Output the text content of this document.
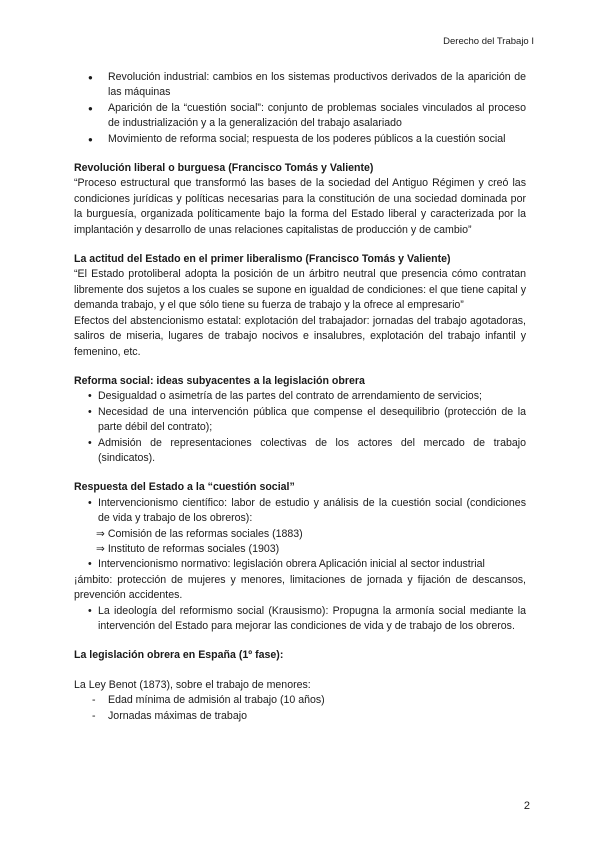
Derecho del Trabajo I
● Revolución industrial: cambios en los sistemas productivos derivados de la aparición de las máquinas
● Aparición de la “cuestión social”: conjunto de problemas sociales vinculados al proceso de industrialización y a la generalización del trabajo asalariado
● Movimiento de reforma social; respuesta de los poderes públicos a la cuestión social

Revolución liberal o burguesa (Francisco Tomás y Valiente)

“Proceso estructural que transformó las bases de la sociedad del Antiguo Régimen y creó las condiciones jurídicas y políticas necesarias para la constitución de una sociedad dominada por la burguesía, organizada políticamente bajo la forma del Estado liberal y caracterizada por la implantación y desarrollo de unas relaciones capitalistas de producción y de cambio”

La actitud del Estado en el primer liberalismo (Francisco Tomás y Valiente)

“El Estado protoliberal adopta la posición de un árbitro neutral que presencia cómo contratan libremente dos sujetos a los cuales se supone en igualdad de condiciones: el que tiene capital y demanda trabajo, y el que sólo tiene su fuerza de trabajo y la ofrece al empresario”

Efectos del abstencionismo estatal: explotación del trabajador: jornadas del trabajo agotadoras, saliros de miseria, lugares de trabajo nocivos e insalubres, explotación del trabajo infantil y femenino, etc.

Reforma social: ideas subyacentes a la legislación obrera

• Desigualdad o asimetría de las partes del contrato de arrendamiento de servicios;
• Necesidad de una intervención pública que compense el desequilibrio (protección de la parte débil del contrato);
• Admisión de representaciones colectivas de los actores del mercado de trabajo (sindicatos).

Respuesta del Estado a la “cuestión social”

• Intervencionismo científico: labor de estudio y análisis de la cuestión social (condiciones de vida y trabajo de los obreros):
⇒ Comisión de las reformas sociales (1883)
⇒ Instituto de reformas sociales (1903)
• Intervencionismo normativo: legislación obrera Aplicación inicial al sector industrial

¡ámbito: protección de mujeres y menores, limitaciones de jornada y fijación de descansos, prevención accidentes.

• La ideología del reformismo social (Krausismo): Propugna la armonía social mediante la intervención del Estado para mejorar las condiciones de vida y de trabajo de los obreros.

La legislación obrera en España (1º fase):

La Ley Benot (1873), sobre el trabajo de menores:

- Edad mínima de admisión al trabajo (10 años)
- Jornadas máximas de trabajo
2
